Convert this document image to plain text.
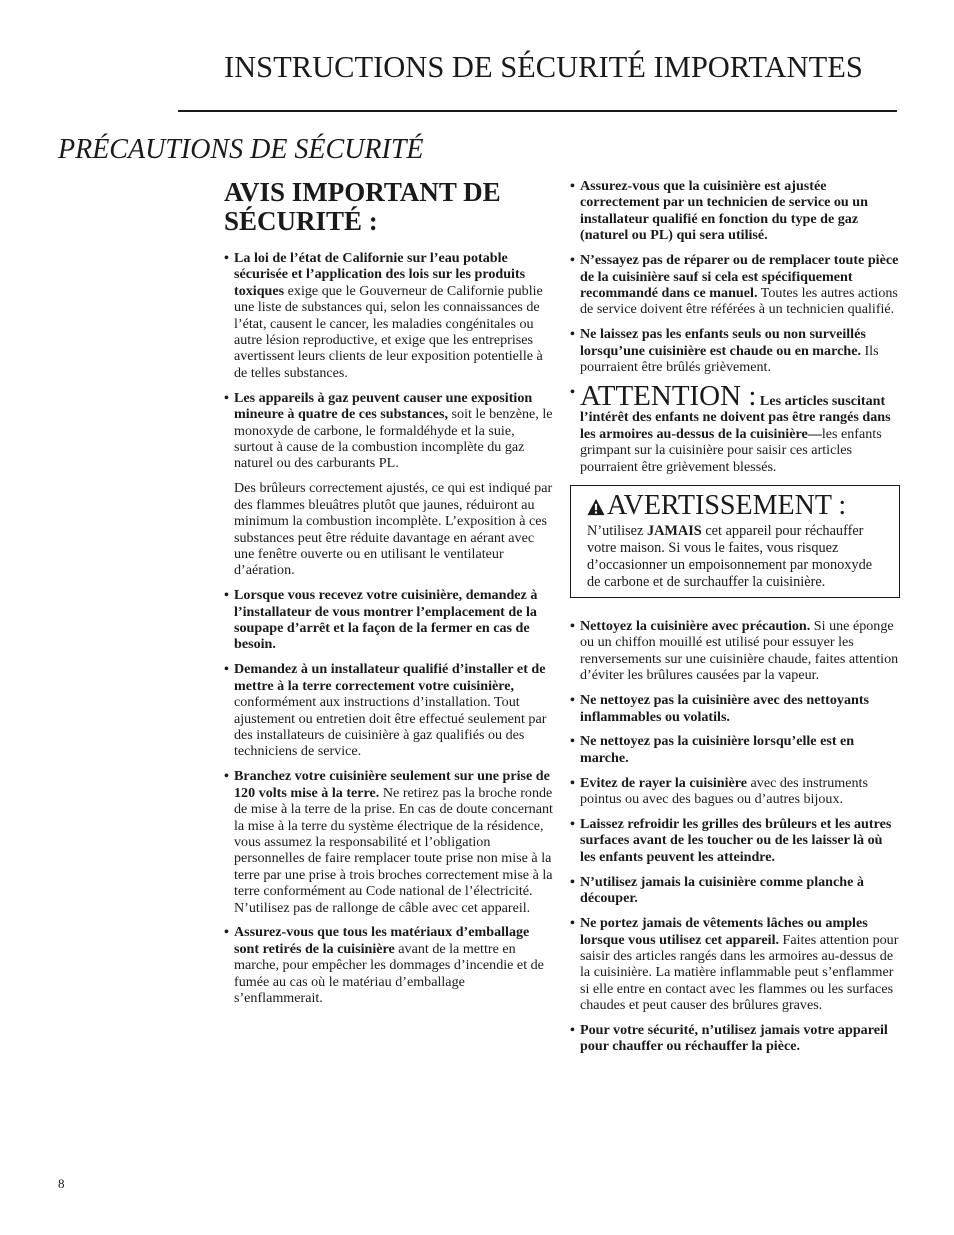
INSTRUCTIONS DE SÉCURITÉ IMPORTANTES
PRÉCAUTIONS DE SÉCURITÉ
AVIS IMPORTANT DE SÉCURITÉ :
• La loi de l’état de Californie sur l’eau potable sécurisée et l’application des lois sur les produits toxiques exige que le Gouverneur de Californie publie une liste de substances qui, selon les connaissances de l’état, causent le cancer, les maladies congénitales ou autre lésion reproductive, et exige que les entreprises avertissent leurs clients de leur exposition potentielle à de telles substances.
• Les appareils à gaz peuvent causer une exposition mineure à quatre de ces substances, soit le benzène, le monoxyde de carbone, le formaldéhyde et la suie, surtout à cause de la combustion incomplète du gaz naturel ou des carburants PL.
Des brûleurs correctement ajustés, ce qui est indiqué par des flammes bleuâtres plutôt que jaunes, réduiront au minimum la combustion incomplète. L’exposition à ces substances peut être réduite davantage en aérant avec une fenêtre ouverte ou en utilisant le ventilateur d’aération.
• Lorsque vous recevez votre cuisinière, demandez à l’installateur de vous montrer l’emplacement de la soupape d’arrêt et la façon de la fermer en cas de besoin.
• Demandez à un installateur qualifié d’installer et de mettre à la terre correctement votre cuisinière, conformément aux instructions d’installation. Tout ajustement ou entretien doit être effectué seulement par des installateurs de cuisinière à gaz qualifiés ou des techniciens de service.
• Branchez votre cuisinière seulement sur une prise de 120 volts mise à la terre. Ne retirez pas la broche ronde de mise à la terre de la prise. En cas de doute concernant la mise à la terre du système électrique de la résidence, vous assumez la responsabilité et l’obligation personnelles de faire remplacer toute prise non mise à la terre par une prise à trois broches correctement mise à la terre conformément au Code national de l’électricité. N’utilisez pas de rallonge de câble avec cet appareil.
• Assurez-vous que tous les matériaux d’emballage sont retirés de la cuisinière avant de la mettre en marche, pour empêcher les dommages d’incendie et de fumée au cas où le matériau d’emballage s’enflammerait.
• Assurez-vous que la cuisinière est ajustée correctement par un technicien de service ou un installateur qualifié en fonction du type de gaz (naturel ou PL) qui sera utilisé.
• N’essayez pas de réparer ou de remplacer toute pièce de la cuisinière sauf si cela est spécifiquement recommandé dans ce manuel. Toutes les autres actions de service doivent être référées à un technicien qualifié.
• Ne laissez pas les enfants seuls ou non surveillés lorsqu’une cuisinière est chaude ou en marche. Ils pourraient être brûlés grièvement.
• ATTENTION : Les articles suscitant l’intérêt des enfants ne doivent pas être rangés dans les armoires au-dessus de la cuisinière—les enfants grimpant sur la cuisinière pour saisir ces articles pourraient être grièvement blessés.
AVERTISSEMENT :
N’utilisez JAMAIS cet appareil pour réchauffer votre maison. Si vous le faites, vous risquez d’occasionner un empoisonnement par monoxyde de carbone et de surchauffer la cuisinière.
• Nettoyez la cuisinière avec précaution. Si une éponge ou un chiffon mouillé est utilisé pour essuyer les renversements sur une cuisinière chaude, faites attention d’éviter les brûlures causées par la vapeur.
• Ne nettoyez pas la cuisinière avec des nettoyants inflammables ou volatils.
• Ne nettoyez pas la cuisinière lorsqu’elle est en marche.
• Evitez de rayer la cuisinière avec des instruments pointus ou avec des bagues ou d’autres bijoux.
• Laissez refroidir les grilles des brûleurs et les autres surfaces avant de les toucher ou de les laisser là où les enfants peuvent les atteindre.
• N’utilisez jamais la cuisinière comme planche à découper.
• Ne portez jamais de vêtements lâches ou amples lorsque vous utilisez cet appareil. Faites attention pour saisir des articles rangés dans les armoires au-dessus de la cuisinière. La matière inflammable peut s’enflammer si elle entre en contact avec les flammes ou les surfaces chaudes et peut causer des brûlures graves.
• Pour votre sécurité, n’utilisez jamais votre appareil pour chauffer ou réchauffer la pièce.
8
